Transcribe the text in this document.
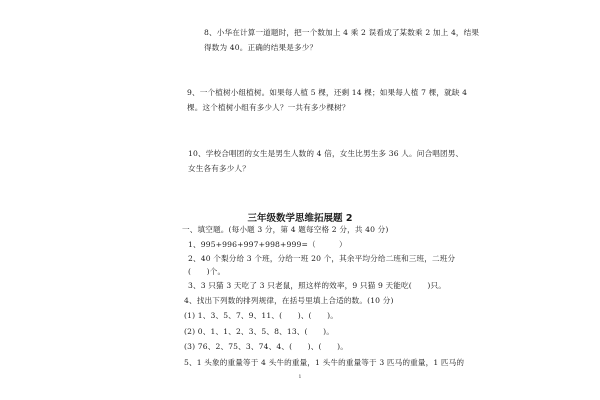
8、小华在计算一道题时，把一个数加上 4 乘 2 误看成了某数乘 2 加上 4，结果
得数为 40。正确的结果是多少？
9、一个植树小组植树。如果每人植 5 棵，还剩 14 棵；如果每人植 7 棵，就缺 4
棵。这个植树小组有多少人？一共有多少棵树？
10、学校合唱团的女生是男生人数的 4 倍，女生比男生多 36 人。问合唱团男、
女生各有多少人？
三年级数学思维拓展题 2
一、填空题。(每小题 3 分，第 4 题每空格 2 分，共 40 分)
1、995+996+997+998+999=（　　　）
2、40 个梨分给 3 个班，分给一班 20 个，其余平均分给二班和三班，二班分
(　　)个。
3、3 只猫 3 天吃了 3 只老鼠，照这样的效率，9 只猫 9 天能吃(　　)只。
4、找出下列数的排列规律，在括号里填上合适的数。(10 分)
(1) 1、3、5、7、9、11、(　　)、(　　)。
(2) 0、1、1、2、3、5、8、13、(　　)。
(3) 76、2、75、3、74、4、(　　)、(　　)。
5、1 头象的重量等于 4 头牛的重量，1 头牛的重量等于 3 匹马的重量，1 匹马的
1
